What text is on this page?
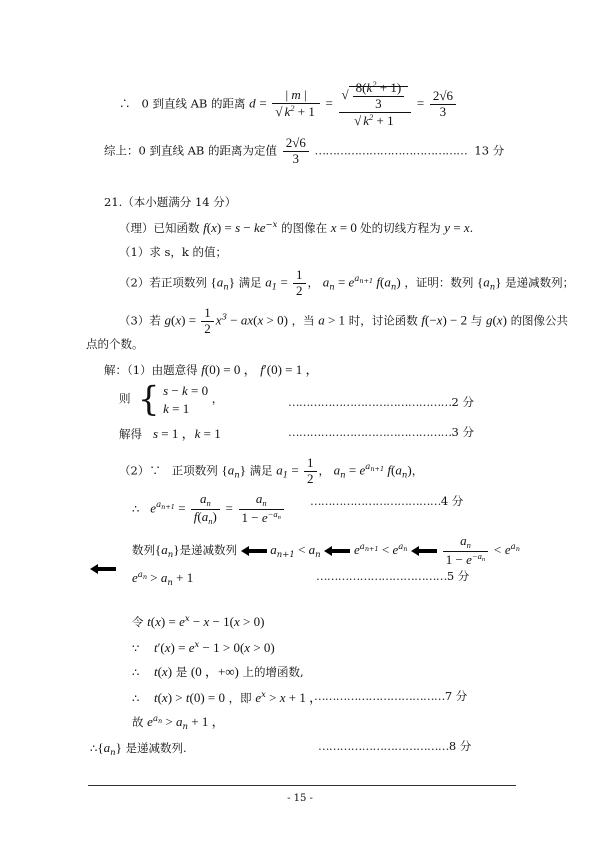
∴ 0 到直线 AB 的距离 $d = \frac{| m |}{√ k^2 + 1} = \frac{√ \frac{8(k^2 + 1)}{3}}{√ k^2 + 1} = \frac{2√6}{3}$
综上：0 到直线 AB 的距离为定值 $\frac{2√6}{3}$ …………………………………… 13 分
21.（本小题满分 14 分）
（理）已知函数 $f(x) = s - ke^{-x}$ 的图像在 x = 0 处的切线方程为 y = x.
（1）求 s，k 的值；
（2）若正项数列 $\{a_n\}$ 满足 $a_1 = \frac{1}{2}$ ， $a_n = e^{a_{n+1}}$ $f(a_n)$ ，证明：数列 $\{a_n\}$ 是递减数列；
（3）若 $g(x) = \frac{1}{2} x^3 - ax(x > 0)$ ，当 a > 1 时，讨论函数 f(−x) − 2 与 g(x) 的图像公共
点的个数。
解：（1）由题意得 f(0) = 0 ， f′(0) = 1 ，
则 { s − k = 0
k = 1 ，	………………………………………2 分
解得 s = 1 ，k = 1	………………………………………3 分
（2）∵ 正项数列 $\{a_n\}$ 满足 $a_1 = \frac{1}{2}$ ， $a_n = e^{a_{n+1}}$ $f(a_n)$，
∴ $e^{a_{n+1}} = \frac{a_n}{f(a_n)} = \frac{a_n}{1 - e^{-a_n}}$ ………………………………4 分
数列$\{a_n\}$是递减数列	$a_{n+1} < a_n$	$e^{a_{n+1}} < e^{a_n}$	$\frac{a_n}{1 - e^{-a_n}} < e^{a_n}$
$e^{a_n} > a_n + 1$	………………………………5 分
令 $t(x) = e^x - x - 1(x > 0)$
∵ $t'(x) = e^x - 1 > 0(x > 0)$
∴ t(x) 是 (0 ，+∞) 上的增函数,
∴ t(x) > t(0) = 0 ，即 $e^x > x + 1$ ，
………………………………7 分
故 $e^{a_n} > a_n + 1$ ，
$\therefore\{a_n\}$ 是递减数列.	………………………………8 分
- 15 -
